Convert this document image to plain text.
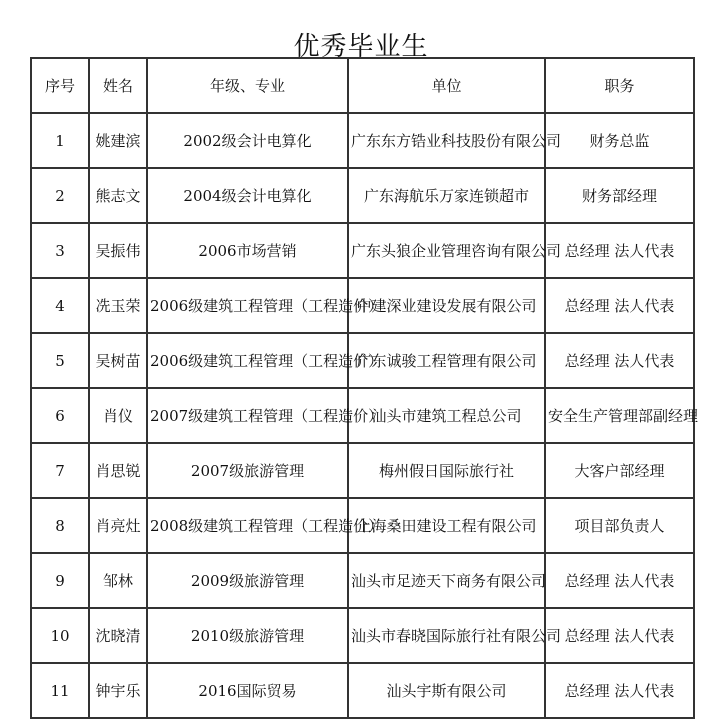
优秀毕业生
序号	姓名	年级、专业	单位	职务
1	姚建滨	2002级会计电算化	广东东方锆业科技股份有限公司	财务总监
2	熊志文	2004级会计电算化	广东海航乐万家连锁超市	财务部经理
3	吴振伟	2006市场营销	广东头狼企业管理咨询有限公司	总经理 法人代表
4	冼玉荣	2006级建筑工程管理（工程造价）	中建深业建设发展有限公司	总经理 法人代表
5	吴树苗	2006级建筑工程管理（工程造价）	广东诚骏工程管理有限公司	总经理 法人代表
6	肖仪	2007级建筑工程管理（工程造价）	汕头市建筑工程总公司	安全生产管理部副经理
7	肖思锐	2007级旅游管理	梅州假日国际旅行社	大客户部经理
8	肖亮灶	2008级建筑工程管理（工程造价）	上海桑田建设工程有限公司	项目部负责人
9	邹林	2009级旅游管理	汕头市足迹天下商务有限公司	总经理 法人代表
10	沈晓清	2010级旅游管理	汕头市春晓国际旅行社有限公司	总经理 法人代表
11	钟宇乐	2016国际贸易	汕头宇斯有限公司	总经理 法人代表
